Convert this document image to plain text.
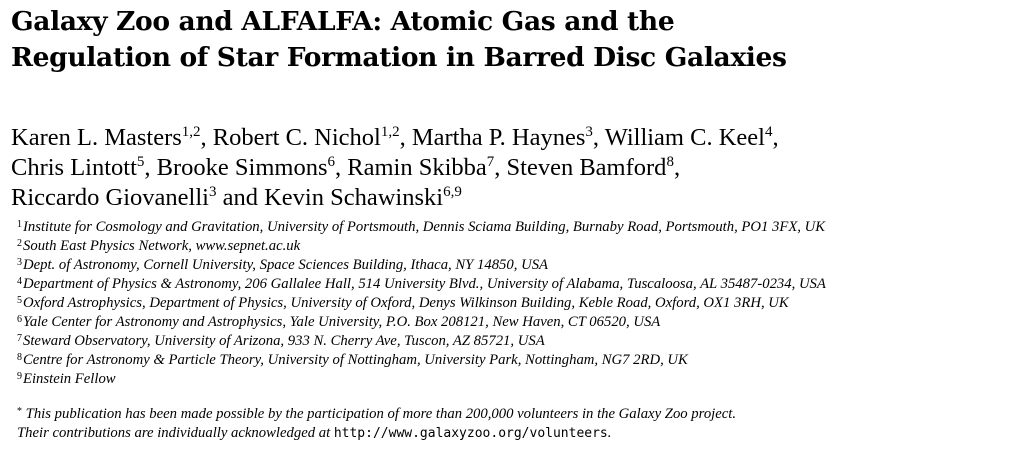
Galaxy Zoo and ALFALFA: Atomic Gas and the
Regulation of Star Formation in Barred Disc Galaxies

Karen L. Masters$^{1,2}$, Robert C. Nichol$^{1,2}$, Martha P. Haynes$^3$, William C. Keel$^4$,
Chris Lintott$^5$, Brooke Simmons$^6$, Ramin Skibba$^7$, Steven Bamford$^8$,
Riccardo Giovanelli$^3$ and Kevin Schawinski$^{6,9}$

$^1$Institute for Cosmology and Gravitation, University of Portsmouth, Dennis Sciama Building, Burnaby Road, Portsmouth, PO1 3FX, UK
$^2$South East Physics Network, www.sepnet.ac.uk
$^3$Dept. of Astronomy, Cornell University, Space Sciences Building, Ithaca, NY 14850, USA
$^4$Department of Physics & Astronomy, 206 Gallalee Hall, 514 University Blvd., University of Alabama, Tuscaloosa, AL 35487-0234, USA
$^5$Oxford Astrophysics, Department of Physics, University of Oxford, Denys Wilkinson Building, Keble Road, Oxford, OX1 3RH, UK
$^6$Yale Center for Astronomy and Astrophysics, Yale University, P.O. Box 208121, New Haven, CT 06520, USA
$^7$Steward Observatory, University of Arizona, 933 N. Cherry Ave, Tuscon, AZ 85721, USA
$^8$Centre for Astronomy & Particle Theory, University of Nottingham, University Park, Nottingham, NG7 2RD, UK
$^9$Einstein Fellow

* This publication has been made possible by the participation of more than 200,000 volunteers in the Galaxy Zoo project.
Their contributions are individually acknowledged at http://www.galaxyzoo.org/volunteers.
